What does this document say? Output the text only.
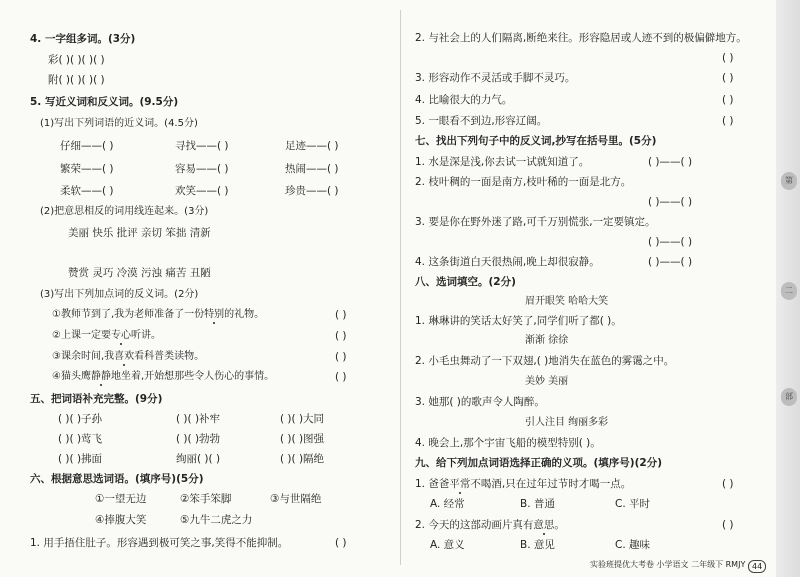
4. 一字组多词。(3分)
彩( )( )( )( )
附( )( )( )( )
5. 写近义词和反义词。(9.5分)
(1)写出下列词语的近义词。(4.5分)
仔细——( )	寻找——( )	足迹——( )
繁荣——( )	容易——( )	热闹——( )
柔软——( )	欢笑——( )	珍贵——( )
(2)把意思相反的词用线连起来。(3分)
美丽 快乐 批评 亲切 笨拙 清新
赞赏 灵巧 冷漠 污浊 痛苦 丑陋
(3)写出下列加点词的反义词。(2分)
①教师节到了,我为老师准备了一份特别的礼物。	( )
②上课一定要专心听讲。	( )
③课余时间,我喜欢看科普类读物。	( )
④猫头鹰静静地坐着,开始想那些令人伤心的事情。	( )
五、把词语补充完整。(9分)
( )( )子孙	( )( )补牢	( )( )大同
( )( )莺飞	( )( )勃勃	( )( )图强
( )( )拂面	绚丽( )( )	( )( )隔绝
六、根据意思选词语。(填序号)(5分)
①一望无边	②笨手笨脚	③与世隔绝
④捧腹大笑	⑤九牛二虎之力
1. 用手捂住肚子。形容遇到极可笑之事,笑得不能抑制。	( )
2. 与社会上的人们隔离,断绝来往。形容隐居或人迹不到的极偏僻地方。
( )
3. 形容动作不灵活或手脚不灵巧。	( )
4. 比喻很大的力气。	( )
5. 一眼看不到边,形容辽阔。	( )
七、找出下列句子中的反义词,抄写在括号里。(5分)
1. 水是深是浅,你去试一试就知道了。	( )——( )
2. 枝叶稠的一面是南方,枝叶稀的一面是北方。
( )——( )
3. 要是你在野外迷了路,可千万别慌张,一定要镇定。
( )——( )
4. 这条街道白天很热闹,晚上却很寂静。	( )——( )
八、选词填空。(2分)
眉开眼笑 哈哈大笑
1. 琳琳讲的笑话太好笑了,同学们听了都( )。
渐渐 徐徐
2. 小毛虫舞动了一下双翅,( )地消失在蓝色的雾霭之中。
美妙 美丽
3. 她那( )的歌声令人陶醉。
引人注目 绚丽多彩
4. 晚会上,那个宇宙飞船的模型特别( )。
九、给下列加点词语选择正确的义项。(填序号)(2分)
1. 爸爸平常不喝酒,只在过年过节时才喝一点。	( )
A. 经常	B. 普通	C. 平时
2. 今天的这部动画片真有意思。	( )
A. 意义	B. 意见	C. 趣味
实验班提优大考卷 小学语文 二年级下 RMJY 44
第
二
部
